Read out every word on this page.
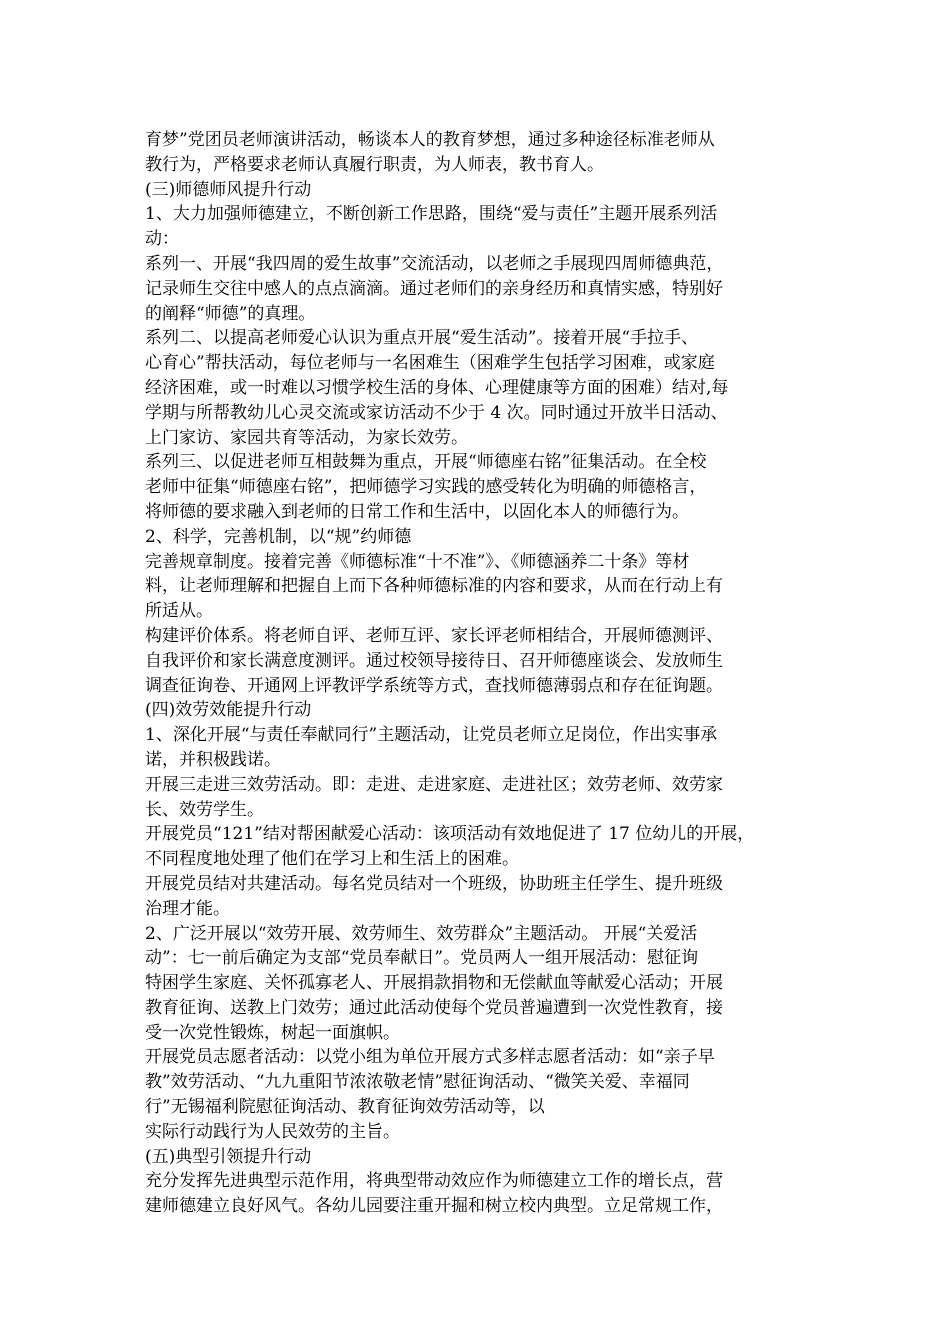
育梦”党团员老师演讲活动，畅谈本人的教育梦想，通过多种途径标准老师从
教行为，严格要求老师认真履行职责，为人师表，教书育人。
(三)师德师风提升行动
1、大力加强师德建立，不断创新工作思路，围绕“爱与责任”主题开展系列活
动：
系列一、开展“我四周的爱生故事”交流活动，以老师之手展现四周师德典范，
记录师生交往中感人的点点滴滴。通过老师们的亲身经历和真情实感，特别好
的阐释“师德”的真理。
系列二、以提高老师爱心认识为重点开展“爱生活动”。接着开展“手拉手、
心育心”帮扶活动，每位老师与一名困难生（困难学生包括学习困难，或家庭
经济困难，或一时难以习惯学校生活的身体、心理健康等方面的困难）结对,每
学期与所帮教幼儿心灵交流或家访活动不少于 4 次。同时通过开放半日活动、
上门家访、家园共育等活动，为家长效劳。
系列三、以促进老师互相鼓舞为重点，开展“师德座右铭”征集活动。在全校
老师中征集“师德座右铭”，把师德学习实践的感受转化为明确的师德格言，
将师德的要求融入到老师的日常工作和生活中，以固化本人的师德行为。
2、科学，完善机制，以“规”约师德
完善规章制度。接着完善《师德标准“十不准”》、《师德涵养二十条》等材
料，让老师理解和把握自上而下各种师德标准的内容和要求，从而在行动上有
所适从。
构建评价体系。将老师自评、老师互评、家长评老师相结合，开展师德测评、
自我评价和家长满意度测评。通过校领导接待日、召开师德座谈会、发放师生
调查征询卷、开通网上评教评学系统等方式，查找师德薄弱点和存在征询题。
(四)效劳效能提升行动
1、深化开展“与责任奉献同行”主题活动，让党员老师立足岗位，作出实事承
诺，并积极践诺。
开展三走进三效劳活动。即：走进、走进家庭、走进社区；效劳老师、效劳家
长、效劳学生。
开展党员“121”结对帮困献爱心活动：该项活动有效地促进了 17 位幼儿的开展，
不同程度地处理了他们在学习上和生活上的困难。
开展党员结对共建活动。每名党员结对一个班级，协助班主任学生、提升班级
治理才能。
2、广泛开展以“效劳开展、效劳师生、效劳群众”主题活动。 开展“关爱活
动”：七一前后确定为支部“党员奉献日”。党员两人一组开展活动：慰征询
特困学生家庭、关怀孤寡老人、开展捐款捐物和无偿献血等献爱心活动；开展
教育征询、送教上门效劳；通过此活动使每个党员普遍遭到一次党性教育，接
受一次党性锻炼，树起一面旗帜。
开展党员志愿者活动：以党小组为单位开展方式多样志愿者活动：如“亲子早
教”效劳活动、“九九重阳节浓浓敬老情”慰征询活动、“微笑关爱、幸福同
行”无锡福利院慰征询活动、教育征询效劳活动等，以
实际行动践行为人民效劳的主旨。
(五)典型引领提升行动
充分发挥先进典型示范作用，将典型带动效应作为师德建立工作的增长点，营
建师德建立良好风气。各幼儿园要注重开掘和树立校内典型。立足常规工作，
